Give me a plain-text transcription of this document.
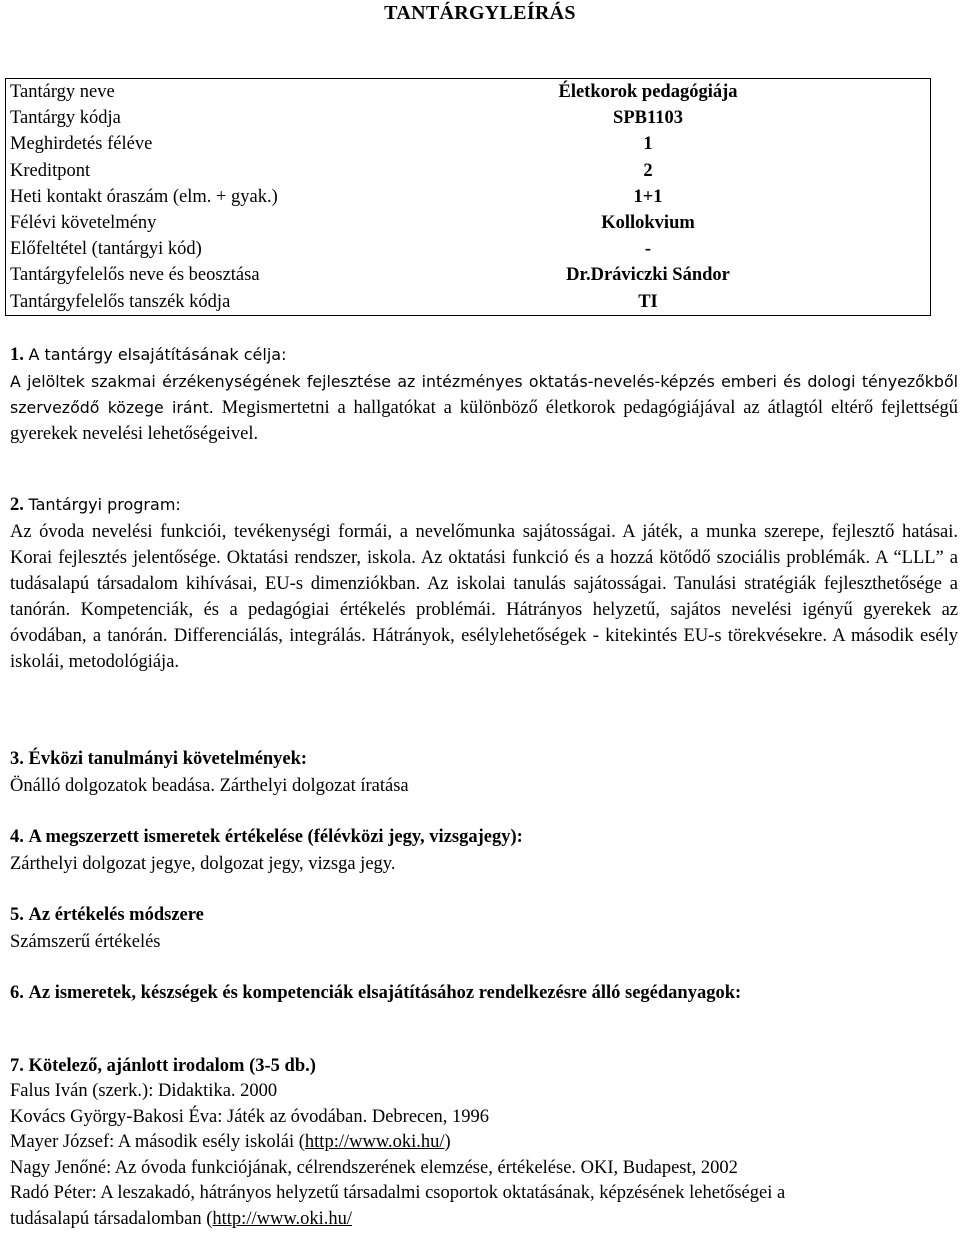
TANTÁRGYLEÍRÁS
Tantárgy neve	Életkorok pedagógiája
Tantárgy kódja	SPB1103
Meghirdetés féléve	1
Kreditpont	2
Heti kontakt óraszám (elm. + gyak.)	1+1
Félévi követelmény	Kollokvium
Előfeltétel (tantárgyi kód)	-
Tantárgyfelelős neve és beosztása	Dr.Dráviczki Sándor
Tantárgyfelelős tanszék kódja	TI
1. A tantárgy elsajátításának célja:
A jelöltek szakmai érzékenységének fejlesztése az intézményes oktatás-nevelés-képzés emberi és dologi tényezőkből szerveződő közege iránt. Megismertetni a hallgatókat a különböző életkorok pedagógiájával az átlagtól eltérő fejlettségű gyerekek nevelési lehetőségeivel.
2. Tantárgyi program:
Az óvoda nevelési funkciói, tevékenységi formái, a nevelőmunka sajátosságai. A játék, a munka szerepe, fejlesztő hatásai. Korai fejlesztés jelentősége. Oktatási rendszer, iskola. Az oktatási funkció és a hozzá kötődő szociális problémák. A “LLL” a tudásalapú társadalom kihívásai, EU-s dimenziókban. Az iskolai tanulás sajátosságai. Tanulási stratégiák fejleszthetősége a tanórán. Kompetenciák, és a pedagógiai értékelés problémái. Hátrányos helyzetű, sajátos nevelési igényű gyerekek az óvodában, a tanórán. Differenciálás, integrálás. Hátrányok, esélylehetőségek - kitekintés EU-s törekvésekre. A második esély iskolái, metodológiája.
3. Évközi tanulmányi követelmények:
Önálló dolgozatok beadása. Zárthelyi dolgozat íratása
4. A megszerzett ismeretek értékelése (félévközi jegy, vizsgajegy):
Zárthelyi dolgozat jegye, dolgozat jegy, vizsga jegy.
5. Az értékelés módszere
Számszerű értékelés
6. Az ismeretek, készségek és kompetenciák elsajátításához rendelkezésre álló segédanyagok:
7. Kötelező, ajánlott irodalom (3-5 db.)
Falus Iván (szerk.): Didaktika. 2000
Kovács György-Bakosi Éva: Játék az óvodában. Debrecen, 1996
Mayer József: A második esély iskolái (http://www.oki.hu/)
Nagy Jenőné: Az óvoda funkciójának, célrendszerének elemzése, értékelése. OKI, Budapest, 2002
Radó Péter: A leszakadó, hátrányos helyzetű társadalmi csoportok oktatásának, képzésének lehetőségei a
tudásalapú társadalomban (http://www.oki.hu/
